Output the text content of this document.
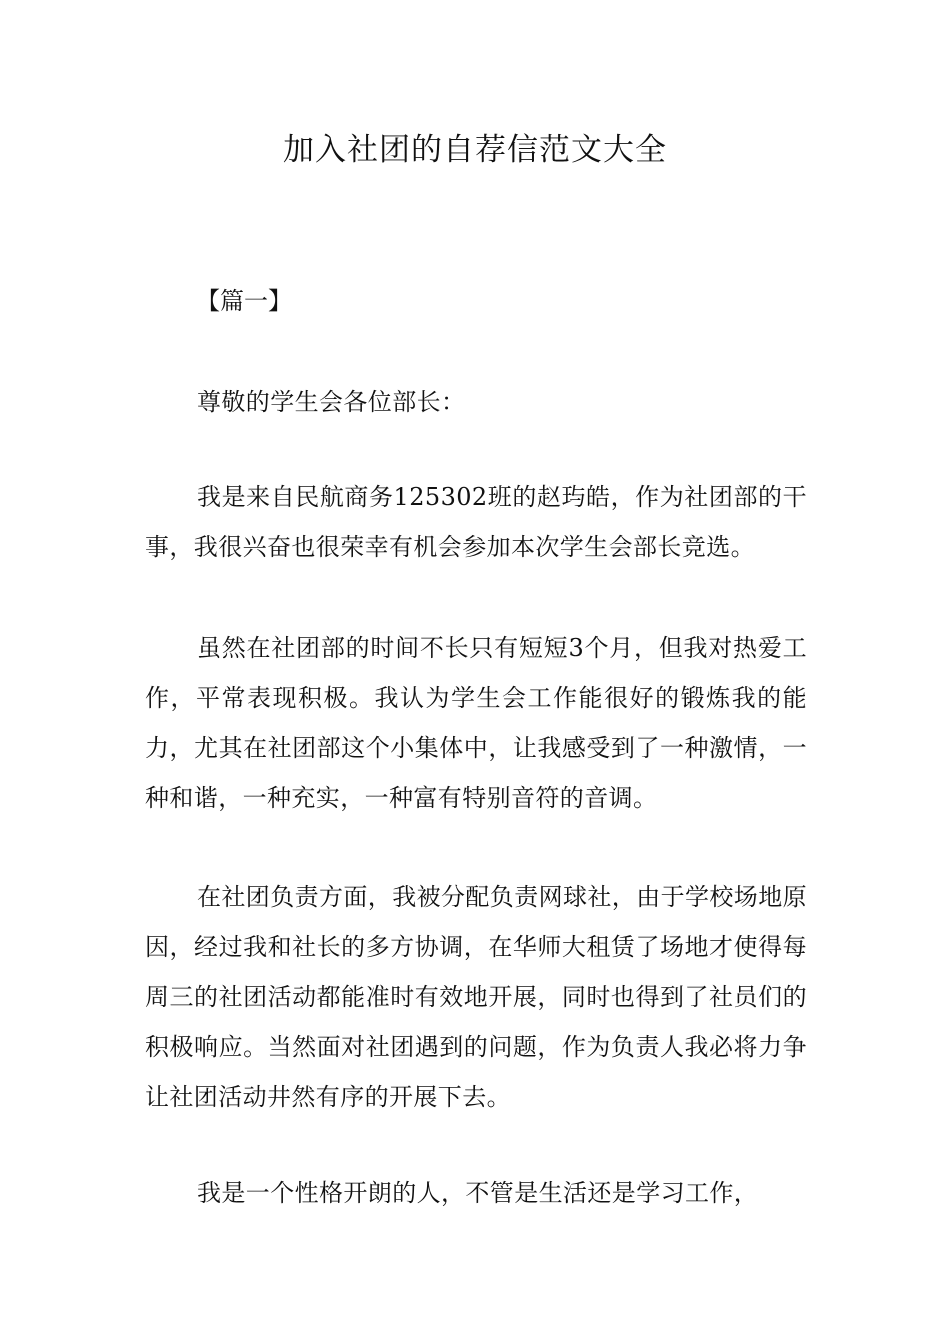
加入社团的自荐信范文大全

【篇一】

尊敬的学生会各位部长：

我是来自民航商务125302班的赵玙皓，作为社团部的干事，我很兴奋也很荣幸有机会参加本次学生会部长竞选。

虽然在社团部的时间不长只有短短3个月，但我对热爱工作，平常表现积极。我认为学生会工作能很好的锻炼我的能力，尤其在社团部这个小集体中，让我感受到了一种激情，一种和谐，一种充实，一种富有特别音符的音调。

在社团负责方面，我被分配负责网球社，由于学校场地原因，经过我和社长的多方协调，在华师大租赁了场地才使得每周三的社团活动都能准时有效地开展，同时也得到了社员们的积极响应。当然面对社团遇到的问题，作为负责人我必将力争让社团活动井然有序的开展下去。

我是一个性格开朗的人，不管是生活还是学习工作，
